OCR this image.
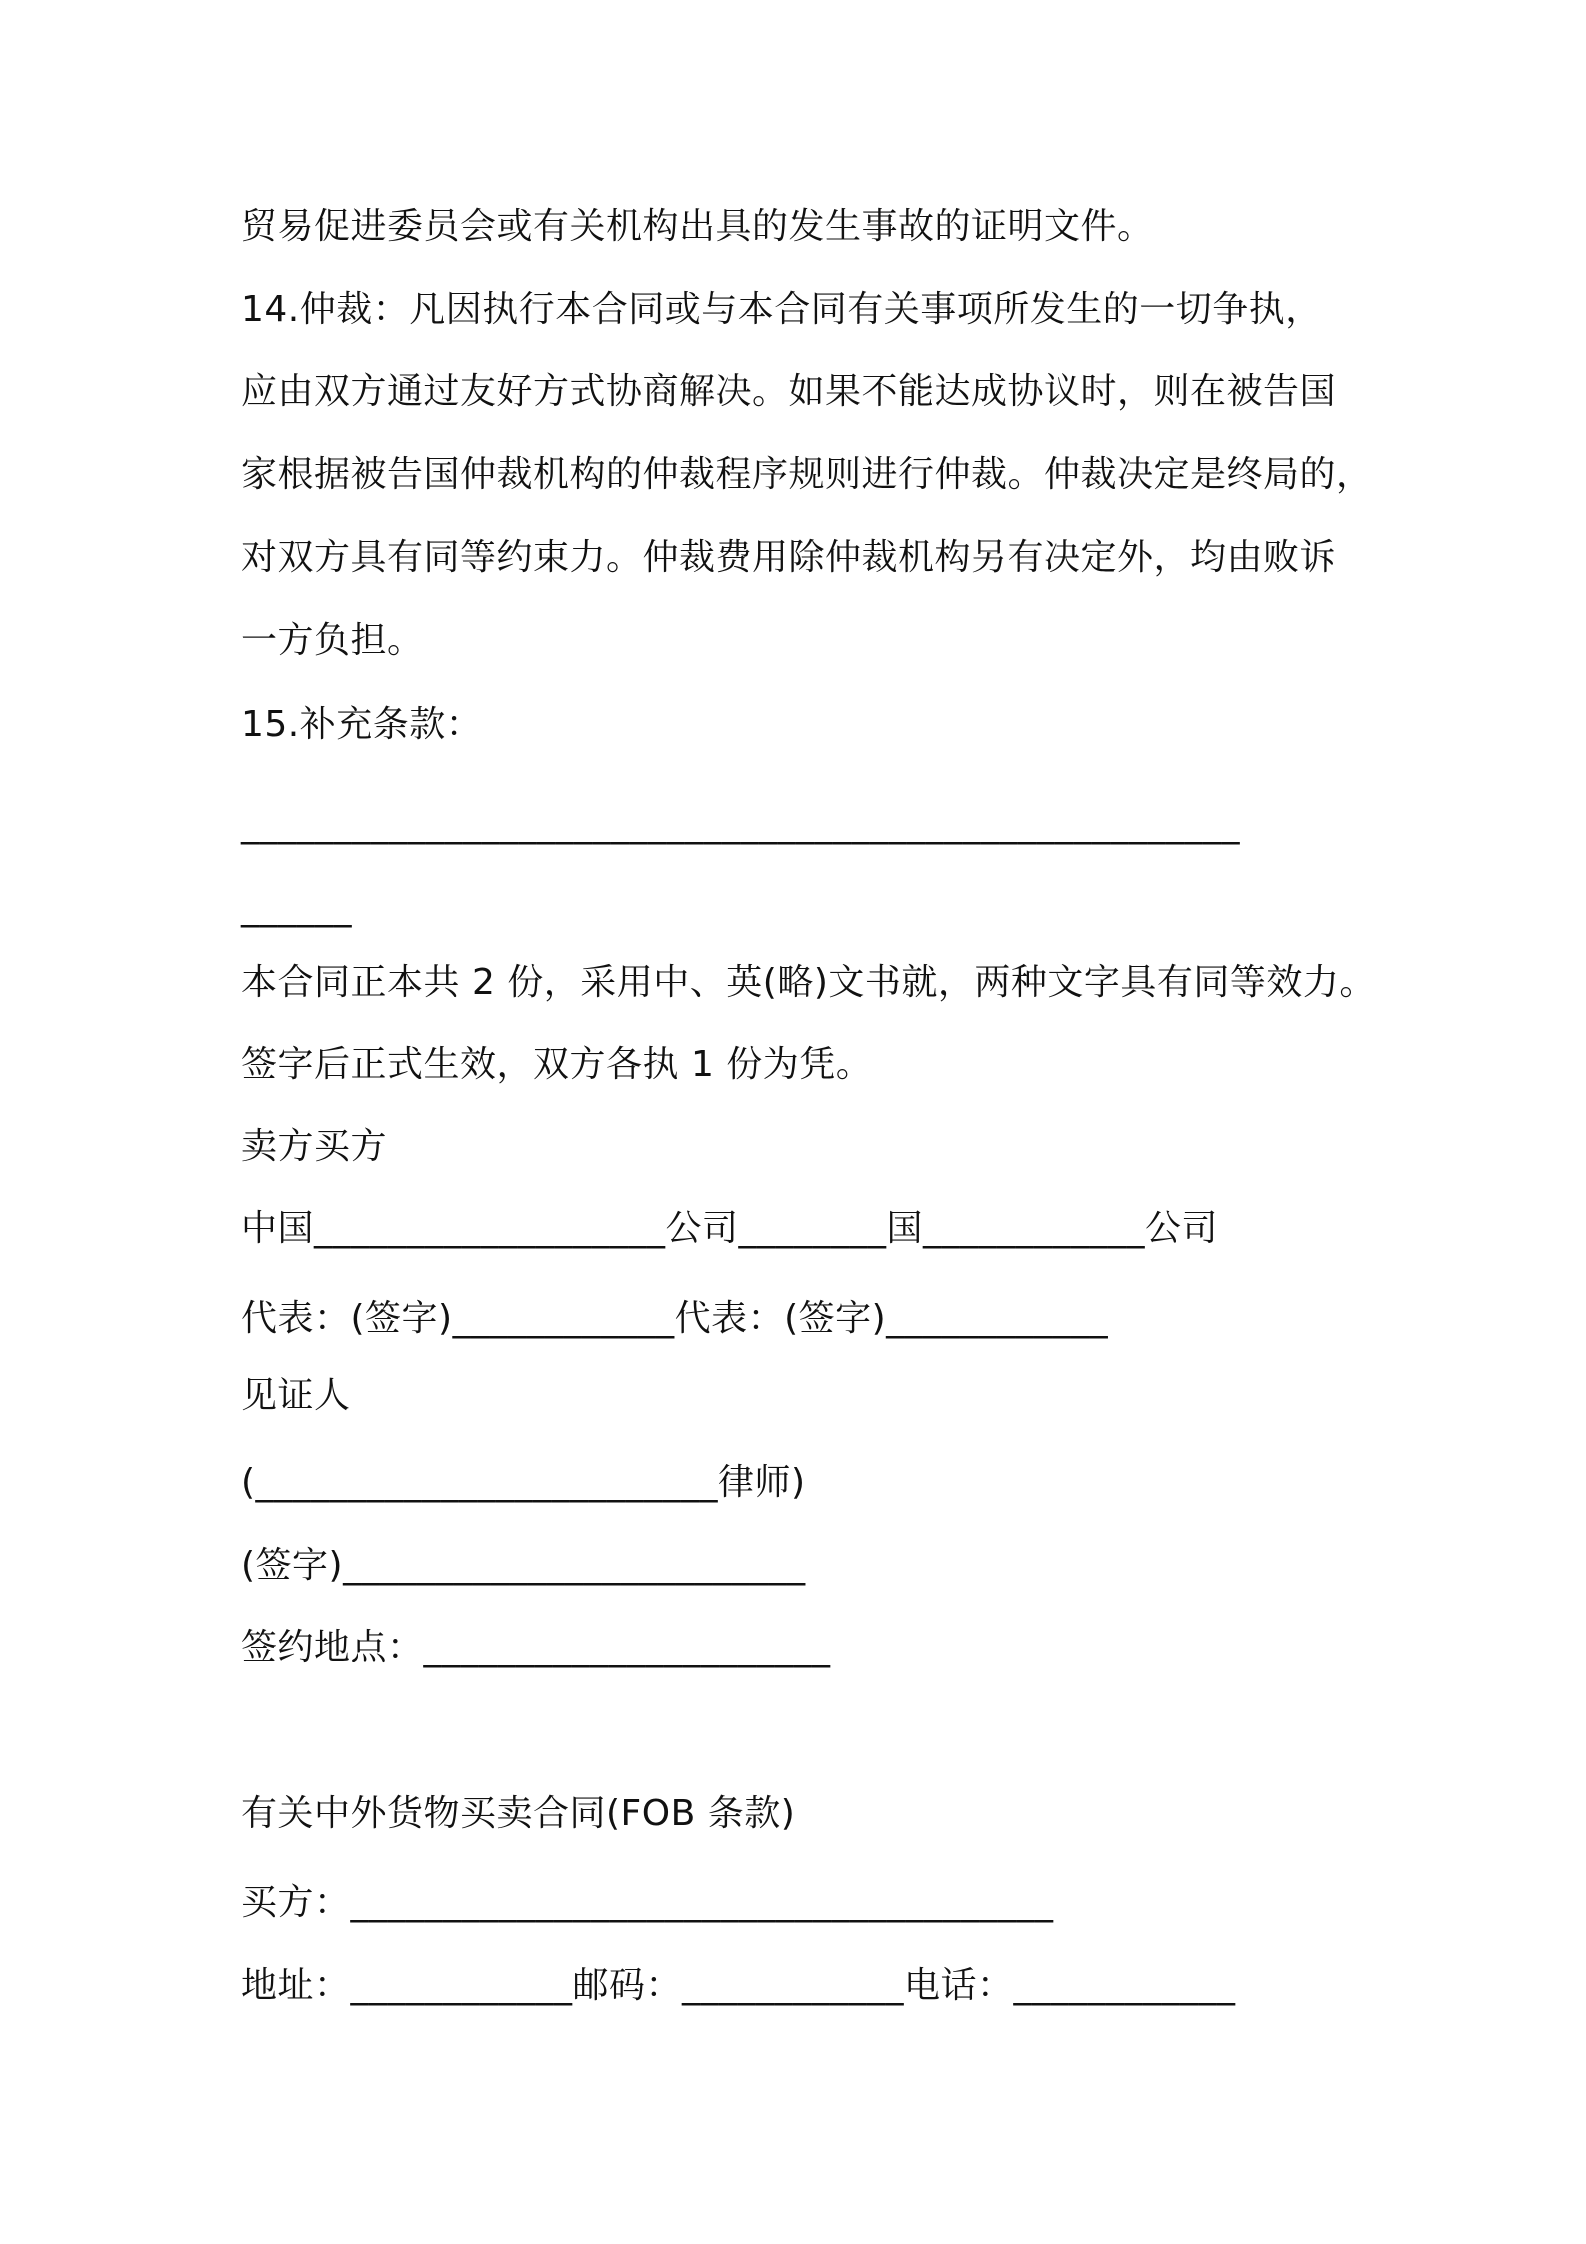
贸易促进委员会或有关机构出具的发生事故的证明文件。

14.仲裁：凡因执行本合同或与本合同有关事项所发生的一切争执，

应由双方通过友好方式协商解决。如果不能达成协议时，则在被告国

家根据被告国仲裁机构的仲裁程序规则进行仲裁。仲裁决定是终局的，

对双方具有同等约束力。仲裁费用除仲裁机构另有决定外，均由败诉

一方负担。

15.补充条款：

______________________________________________________

______

本合同正本共 2 份，采用中、英(略)文书就，两种文字具有同等效力。

签字后正式生效，双方各执 1 份为凭。

卖方买方

中国___________________公司________国____________公司

代表：(签字)____________代表：(签字)____________

见证人

(_________________________律师)

(签字)_________________________

签约地点：______________________

有关中外货物买卖合同(FOB 条款)

买方：______________________________________

地址：____________邮码：____________电话：____________
